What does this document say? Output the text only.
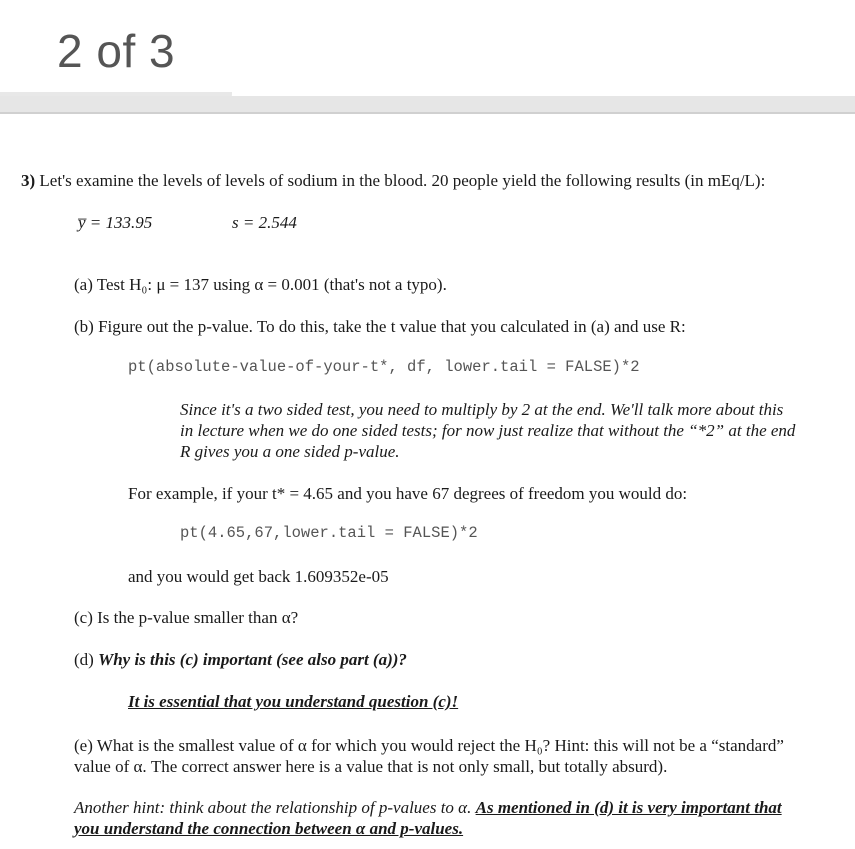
2 of 3
3) Let's examine the levels of levels of sodium in the blood. 20 people yield the following results (in mEq/L):
y̅ = 133.95	s = 2.544
(a) Test H₀: μ = 137 using α = 0.001 (that's not a typo).
(b) Figure out the p-value. To do this, take the t value that you calculated in (a) and use R:
pt(absolute-value-of-your-t*, df, lower.tail = FALSE)*2
Since it's a two sided test, you need to multiply by 2 at the end. We'll talk more about this
in lecture when we do one sided tests; for now just realize that without the “*2” at the end
R gives you a one sided p-value.
For example, if your t* = 4.65 and you have 67 degrees of freedom you would do:
pt(4.65,67,lower.tail = FALSE)*2
and you would get back 1.609352e-05
(c) Is the p-value smaller than α?
(d) Why is this (c) important (see also part (a))?
It is essential that you understand question (c)!
(e) What is the smallest value of α for which you would reject the H₀? Hint: this will not be a “standard”
value of α. The correct answer here is a value that is not only small, but totally absurd).
Another hint: think about the relationship of p-values to α. As mentioned in (d) it is very important that
you understand the connection between α and p-values.
